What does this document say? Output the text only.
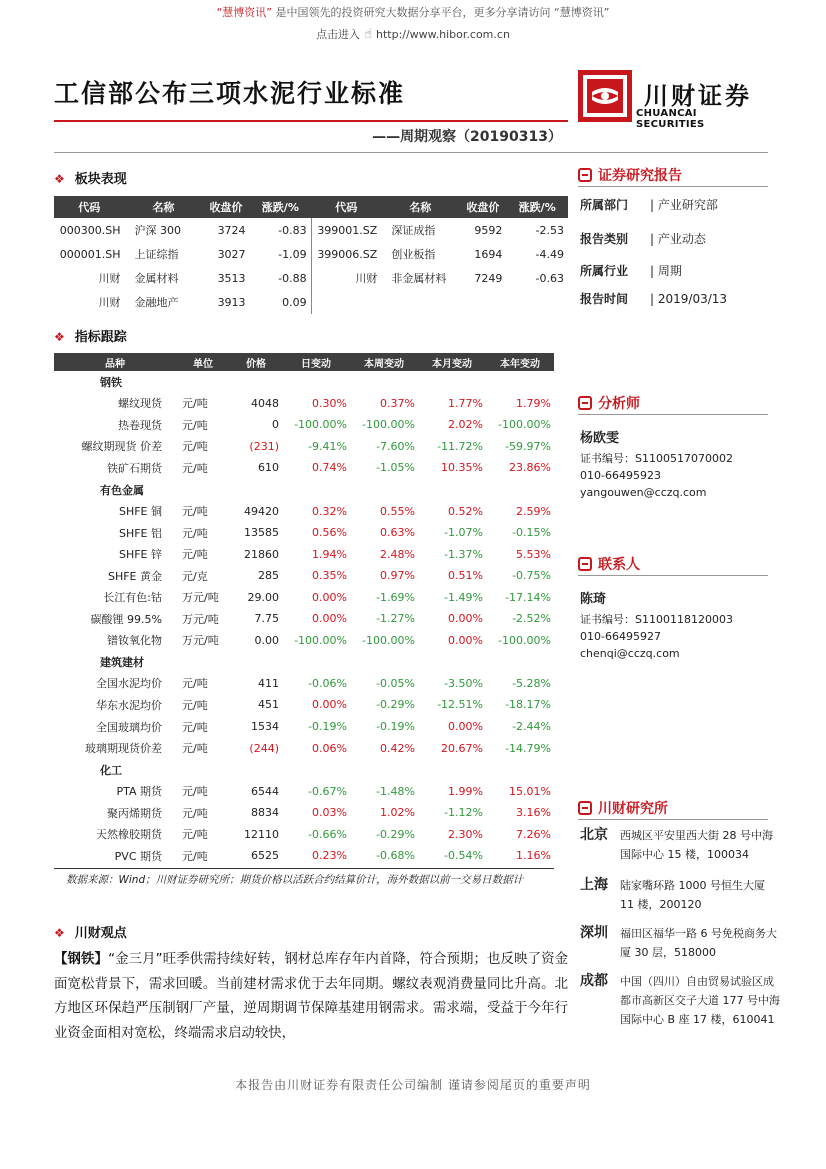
“慧博资讯” 是中国领先的投资研究大数据分享平台，更多分享请访问 “慧博资讯”
点击进入 ☝ http://www.hibor.com.cn
工信部公布三项水泥行业标准	川财证券
CHUANCAI SECURITIES
——周期观察（20190313）
❖ 板块表现
代码	名称	收盘价	涨跌/%	代码	名称	收盘价	涨跌/%
000300.SH	沪深 300	3724	-0.83	399001.SZ	深证成指	9592	-2.53
000001.SH	上证综指	3027	-1.09	399006.SZ	创业板指	1694	-4.49
川财	金属材料	3513	-0.88	川财	非金属材料	7249	-0.63
川财	金融地产	3913	0.09				
❖ 指标跟踪
品种	单位	价格	日变动	本周变动	本月变动	本年变动
钢铁						
螺纹现货	元/吨	4048	0.30%	0.37%	1.77%	1.79%
热卷现货	元/吨	0	-100.00%	-100.00%	2.02%	-100.00%
螺纹期现货 价差	元/吨	(231)	-9.41%	-7.60%	-11.72%	-59.97%
铁矿石期货	元/吨	610	0.74%	-1.05%	10.35%	23.86%
有色金属						
SHFE 铜	元/吨	49420	0.32%	0.55%	0.52%	2.59%
SHFE 铝	元/吨	13585	0.56%	0.63%	-1.07%	-0.15%
SHFE 锌	元/吨	21860	1.94%	2.48%	-1.37%	5.53%
SHFE 黄金	元/克	285	0.35%	0.97%	0.51%	-0.75%
长江有色:钴	万元/吨	29.00	0.00%	-1.69%	-1.49%	-17.14%
碳酸锂 99.5%	万元/吨	7.75	0.00%	-1.27%	0.00%	-2.52%
镨钕氧化物	万元/吨	0.00	-100.00%	-100.00%	0.00%	-100.00%
建筑建材						
全国水泥均价	元/吨	411	-0.06%	-0.05%	-3.50%	-5.28%
华东水泥均价	元/吨	451	0.00%	-0.29%	-12.51%	-18.17%
全国玻璃均价	元/吨	1534	-0.19%	-0.19%	0.00%	-2.44%
玻璃期现货价差	元/吨	(244)	0.06%	0.42%	20.67%	-14.79%
化工						
PTA 期货	元/吨	6544	-0.67%	-1.48%	1.99%	15.01%
聚丙烯期货	元/吨	8834	0.03%	1.02%	-1.12%	3.16%
天然橡胶期货	元/吨	12110	-0.66%	-0.29%	2.30%	7.26%
PVC 期货	元/吨	6525	0.23%	-0.68%	-0.54%	1.16%
数据来源：Wind；川财证券研究所；期货价格以活跃合约结算价计，海外数据以前一交易日数据计
❖ 川财观点
【钢铁】“金三月”旺季供需持续好转，钢材总库存年内首降，符合预期；也反映了资金面宽松背景下，需求回暖。当前建材需求优于去年同期。螺纹表观消费量同比升高。北方地区环保趋严压制钢厂产量，逆周期调节保障基建用钢需求。需求端，受益于今年行业资金面相对宽松，终端需求启动较快，
证券研究报告
所属部门 | 产业研究部
报告类别 | 产业动态
所属行业 | 周期
报告时间 | 2019/03/13
分析师
杨欧雯
证书编号：S1100517070002
010-66495923
yangouwen@cczq.com
联系人
陈琦
证书编号：S1100118120003
010-66495927
chenqi@cczq.com
川财研究所
北京 西城区平安里西大街 28 号中海国际中心 15 楼，100034
上海 陆家嘴环路 1000 号恒生大厦 11 楼，200120
深圳 福田区福华一路 6 号免税商务大厦 30 层，518000
成都 中国（四川）自由贸易试验区成都市高新区交子大道 177 号中海国际中心 B 座 17 楼，610041
本报告由川财证券有限责任公司编制 谨请参阅尾页的重要声明
